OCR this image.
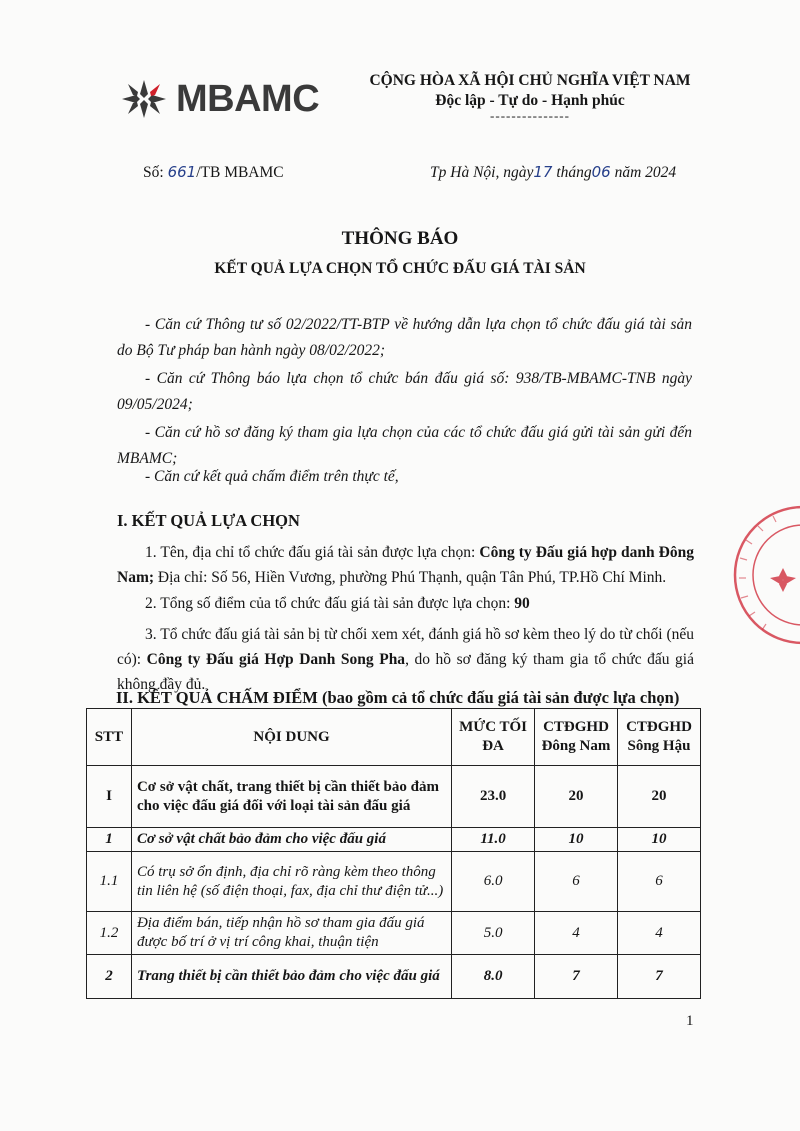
MBAMC	CỘNG HÒA XÃ HỘI CHỦ NGHĨA VIỆT NAM
Độc lập - Tự do - Hạnh phúc
---------------
Số: 661/TB MBAMC	Tp Hà Nội, ngày17 tháng06 năm 2024
THÔNG BÁO
KẾT QUẢ LỰA CHỌN TỔ CHỨC ĐẤU GIÁ TÀI SẢN
- Căn cứ Thông tư số 02/2022/TT-BTP về hướng dẫn lựa chọn tổ chức đấu giá tài sản do Bộ Tư pháp ban hành ngày 08/02/2022;
- Căn cứ Thông báo lựa chọn tổ chức bán đấu giá số: 938/TB-MBAMC-TNB ngày 09/05/2024;
- Căn cứ hồ sơ đăng ký tham gia lựa chọn của các tổ chức đấu giá gửi tài sản gửi đến MBAMC;
- Căn cứ kết quả chấm điểm trên thực tế,
I. KẾT QUẢ LỰA CHỌN
1. Tên, địa chỉ tổ chức đấu giá tài sản được lựa chọn: Công ty Đấu giá hợp danh Đông Nam; Địa chỉ: Số 56, Hiền Vương, phường Phú Thạnh, quận Tân Phú, TP.Hồ Chí Minh.
2. Tổng số điểm của tổ chức đấu giá tài sản được lựa chọn: 90
3. Tổ chức đấu giá tài sản bị từ chối xem xét, đánh giá hồ sơ kèm theo lý do từ chối (nếu có): Công ty Đấu giá Hợp Danh Song Pha, do hồ sơ đăng ký tham gia tổ chức đấu giá không đầy đủ.
II. KẾT QUẢ CHẤM ĐIỂM (bao gồm cả tổ chức đấu giá tài sản được lựa chọn)
STT	NỘI DUNG	MỨC TỐI ĐA	CTĐGHD Đông Nam	CTĐGHD Sông Hậu
I	Cơ sở vật chất, trang thiết bị cần thiết bảo đảm cho việc đấu giá đối với loại tài sản đấu giá	23.0	20	20
1	Cơ sở vật chất bảo đảm cho việc đấu giá	11.0	10	10
1.1	Có trụ sở ổn định, địa chỉ rõ ràng kèm theo thông tin liên hệ (số điện thoại, fax, địa chỉ thư điện tử...)	6.0	6	6
1.2	Địa điểm bán, tiếp nhận hồ sơ tham gia đấu giá được bố trí ở vị trí công khai, thuận tiện	5.0	4	4
2	Trang thiết bị cần thiết bảo đảm cho việc đấu giá	8.0	7	7
1
